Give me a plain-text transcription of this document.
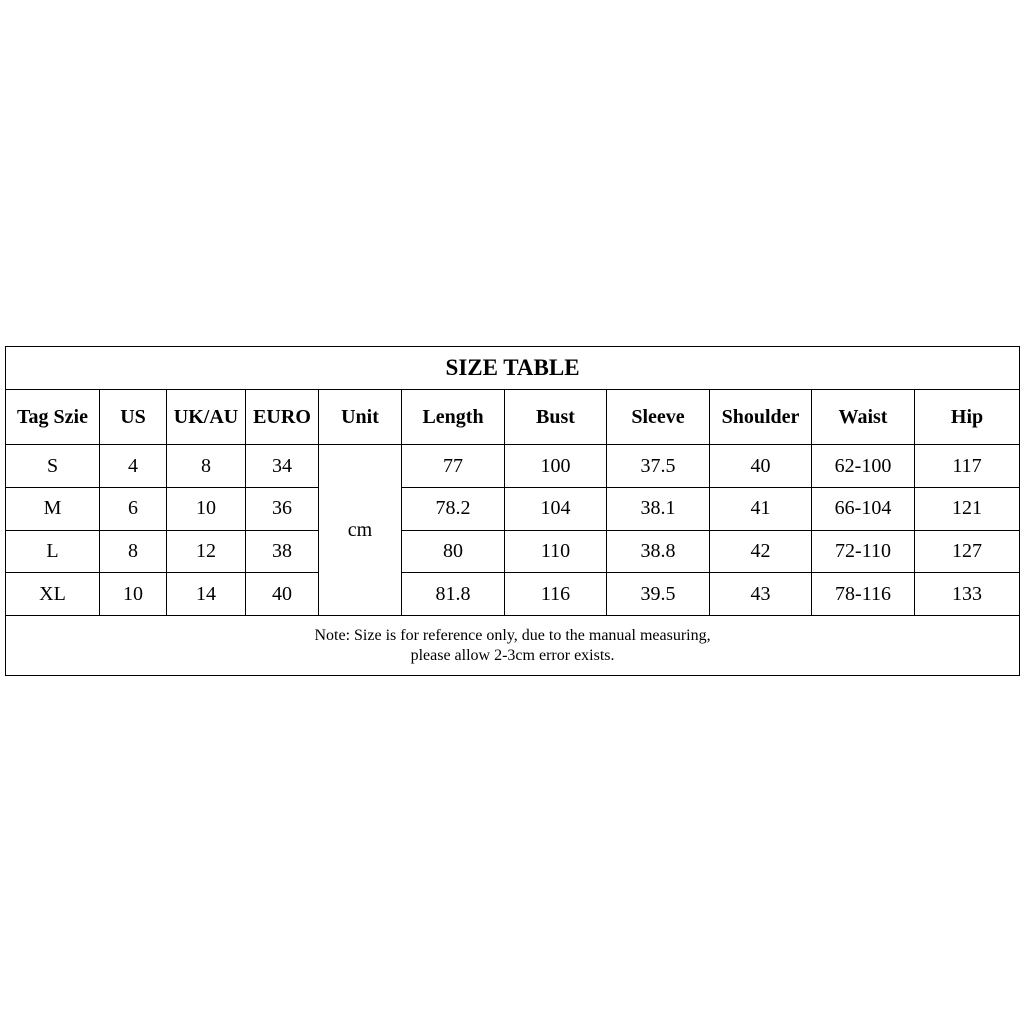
SIZE TABLE										
Tag Szie	US	UK/AU	EURO	Unit	Length	Bust	Sleeve	Shoulder	Waist	Hip
S	4	8	34	cm	77	100	37.5	40	62-100	117
M	6	10	36		78.2	104	38.1	41	66-104	121
L	8	12	38		80	110	38.8	42	72-110	127
XL	10	14	40		81.8	116	39.5	43	78-116	133

Note: Size is for reference only, due to the manual measuring,
please allow 2-3cm error exists.										
